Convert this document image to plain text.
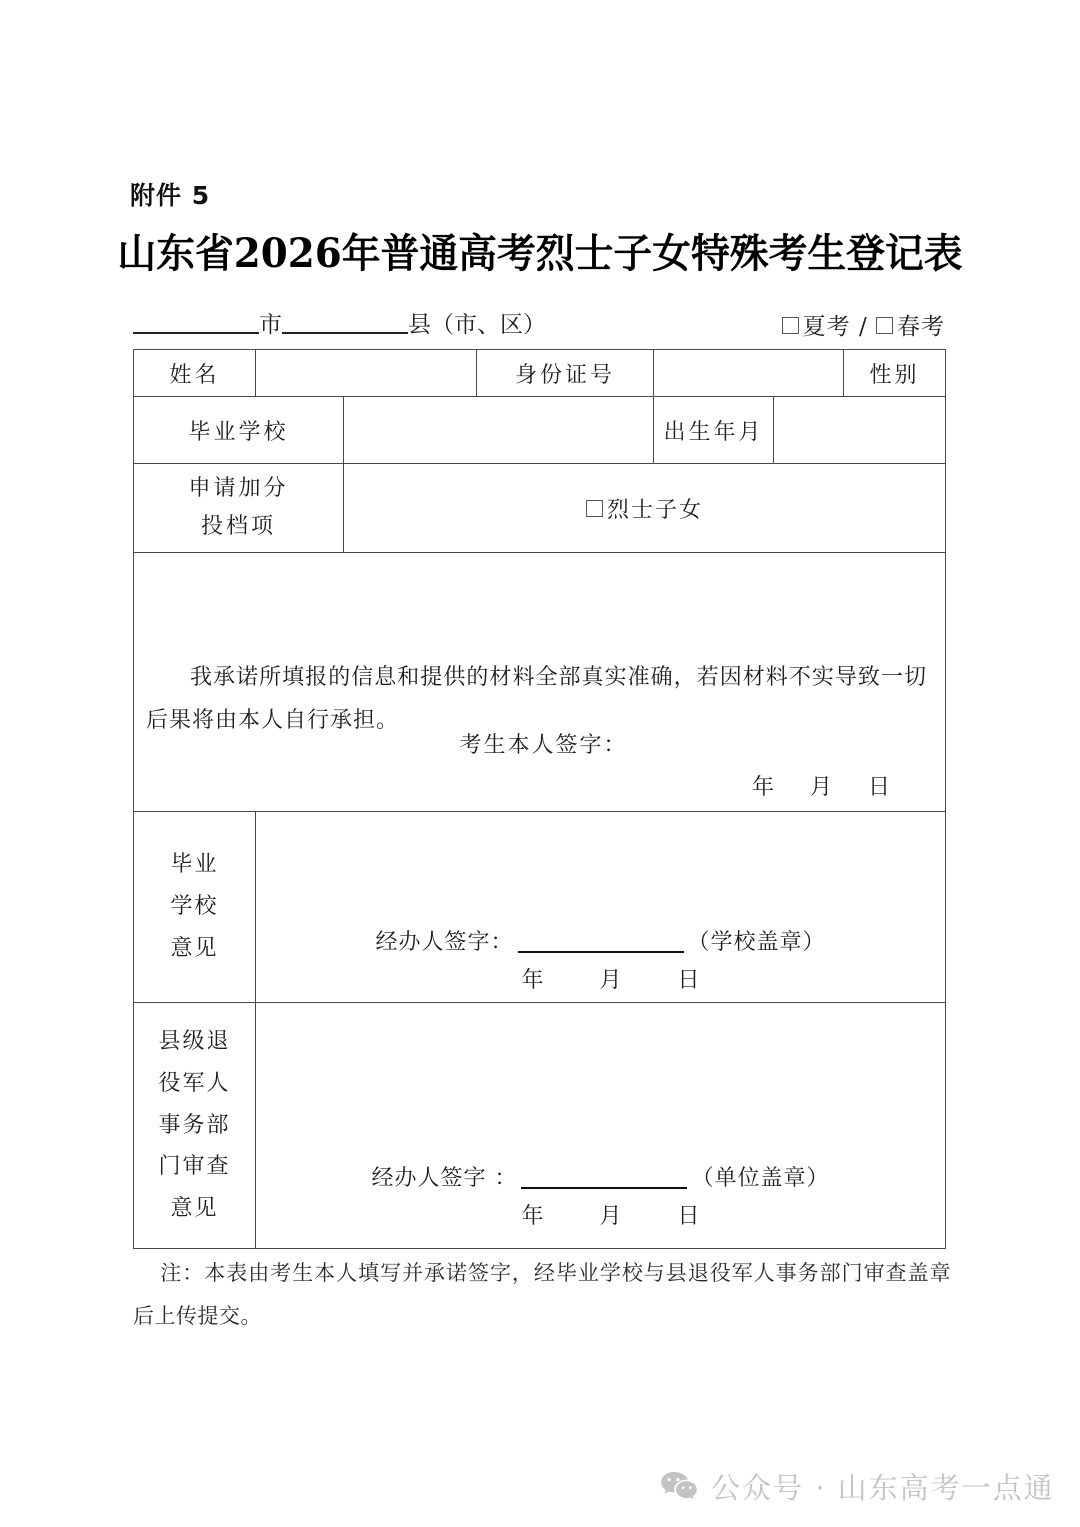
附件 5
山东省2026年普通高考烈士子女特殊考生登记表
市	县（市、区）	夏考 / 春考
姓名			身份证号			性别
毕业学校				出生年月		

申请加分
投档项		烈士子女				

我承诺所填报的信息和提供的材料全部真实准确，若因材料不实导致一切后果将由本人自行承担。
考生本人签字：
年 月 日						

毕业
学校
意见	经办人签字：	（学校盖章）
年	月	日

县级退
役军人
事务部
门审查
意见

经办人签字 ：	（单位盖章）
年	月	日
注：本表由考生本人填写并承诺签字，经毕业学校与县退役军人事务部门审查盖章后上传提交。
公众号 · 山东高考一点通
